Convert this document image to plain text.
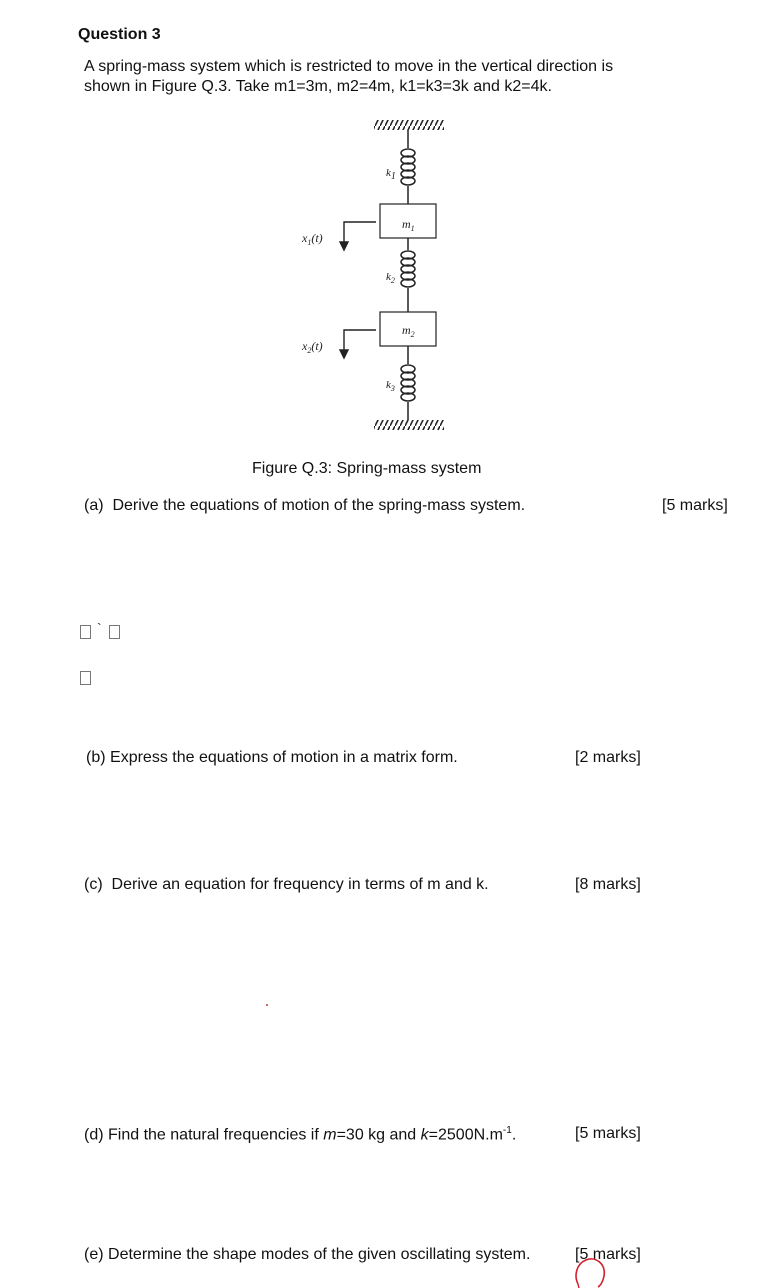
Question 3
A spring-mass system which is restricted to move in the vertical direction is
shown in Figure Q.3. Take m1=3m, m2=4m, k1=k3=3k and k2=4k.
k1
$m_1$
$k_2$
$m_2$
$k_3$
$x_1(t)$
$x_2(t)$
Figure Q.3: Spring-mass system
(a) Derive the equations of motion of the spring-mass system.	[5 marks]
`
(b) Express the equations of motion in a matrix form.	[2 marks]
(c) Derive an equation for frequency in terms of m and k.	[8 marks]
(d) Find the natural frequencies if m=30 kg and $k=2500N.m^{-1}$.	[5 marks]
(e) Determine the shape modes of the given oscillating system.	[5 marks]
